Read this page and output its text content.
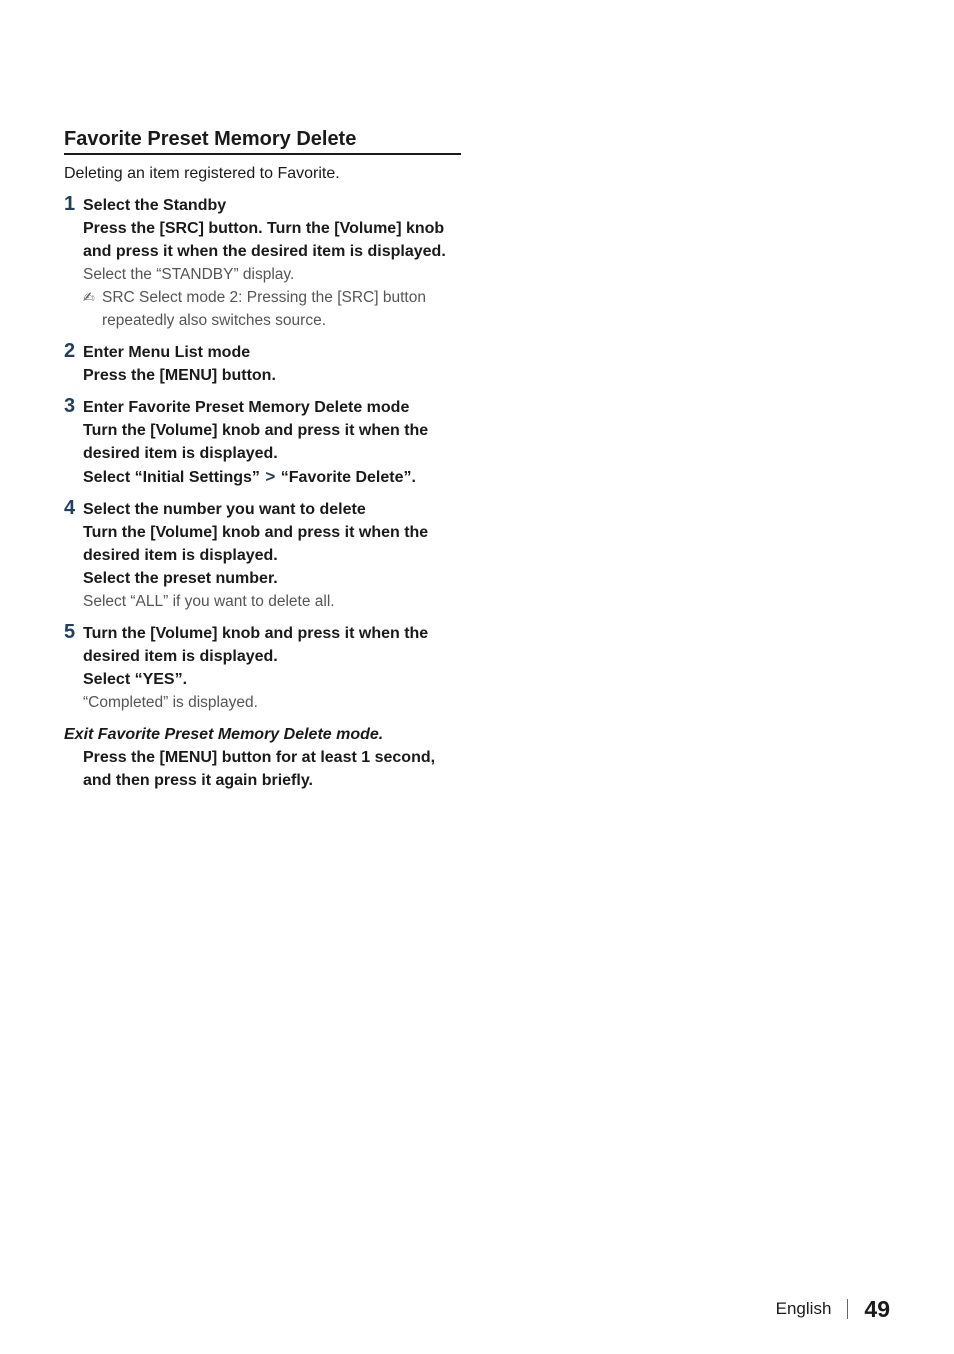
Favorite Preset Memory Delete

Deleting an item registered to Favorite.

1 Select the Standby
Press the [SRC] button. Turn the [Volume] knob
and press it when the desired item is displayed.
Select the “STANDBY” display.
✍ SRC Select mode 2: Pressing the [SRC] button
repeatedly also switches source.
2 Enter Menu List mode
Press the [MENU] button.
3 Enter Favorite Preset Memory Delete mode
Turn the [Volume] knob and press it when the
desired item is displayed.
Select “Initial Settings” > “Favorite Delete”.
4 Select the number you want to delete
Turn the [Volume] knob and press it when the
desired item is displayed.
Select the preset number.
Select “ALL” if you want to delete all.
5 Turn the [Volume] knob and press it when the
desired item is displayed.
Select “YES”.
“Completed” is displayed.
Exit Favorite Preset Memory Delete mode.
Press the [MENU] button for at least 1 second,
and then press it again briefly.
English 49
